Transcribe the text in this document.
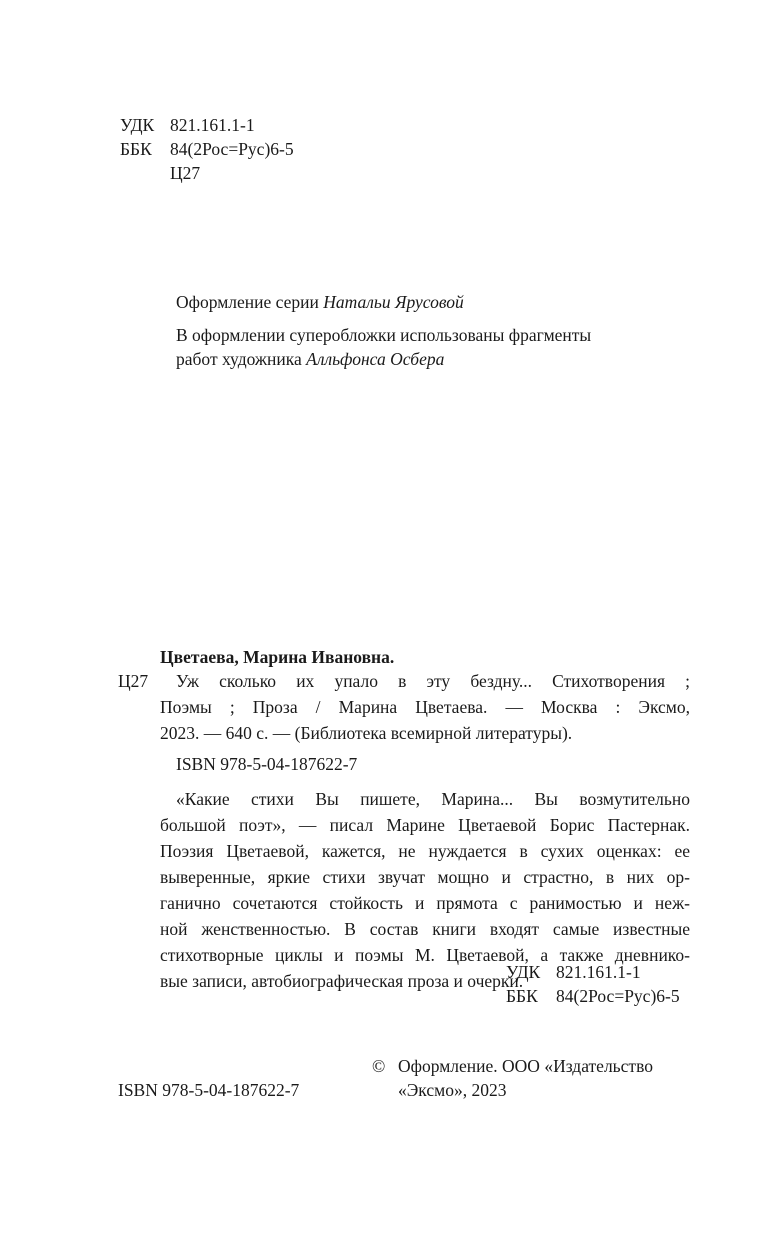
УДК 821.161.1-1
ББК 84(2Рос=Рус)6-5
Ц27
Оформление серии Натальи Ярусовой
В оформлении суперобложки использованы фрагменты
работ художника Алльфонса Осбера
Цветаева, Марина Ивановна.
Ц27 Уж сколько их упало в эту бездну... Стихотворения ;
Поэмы ; Проза / Марина Цветаева. — Москва : Эксмо,
2023. — 640 с. — (Библиотека всемирной литературы).
ISBN 978-5-04-187622-7
«Какие стихи Вы пишете, Марина... Вы возмутительно
большой поэт», — писал Марине Цветаевой Борис Пастернак.
Поэзия Цветаевой, кажется, не нуждается в сухих оценках: ее
выверенные, яркие стихи звучат мощно и страстно, в них ор-
ганично сочетаются стойкость и прямота с ранимостью и неж-
ной женственностью. В состав книги входят самые известные
стихотворные циклы и поэмы М. Цветаевой, а также дневнико-
вые записи, автобиографическая проза и очерки.
УДК 821.161.1-1
ББК 84(2Рос=Рус)6-5
ISBN 978-5-04-187622-7
© Оформление. ООО «Издательство
«Эксмо», 2023
